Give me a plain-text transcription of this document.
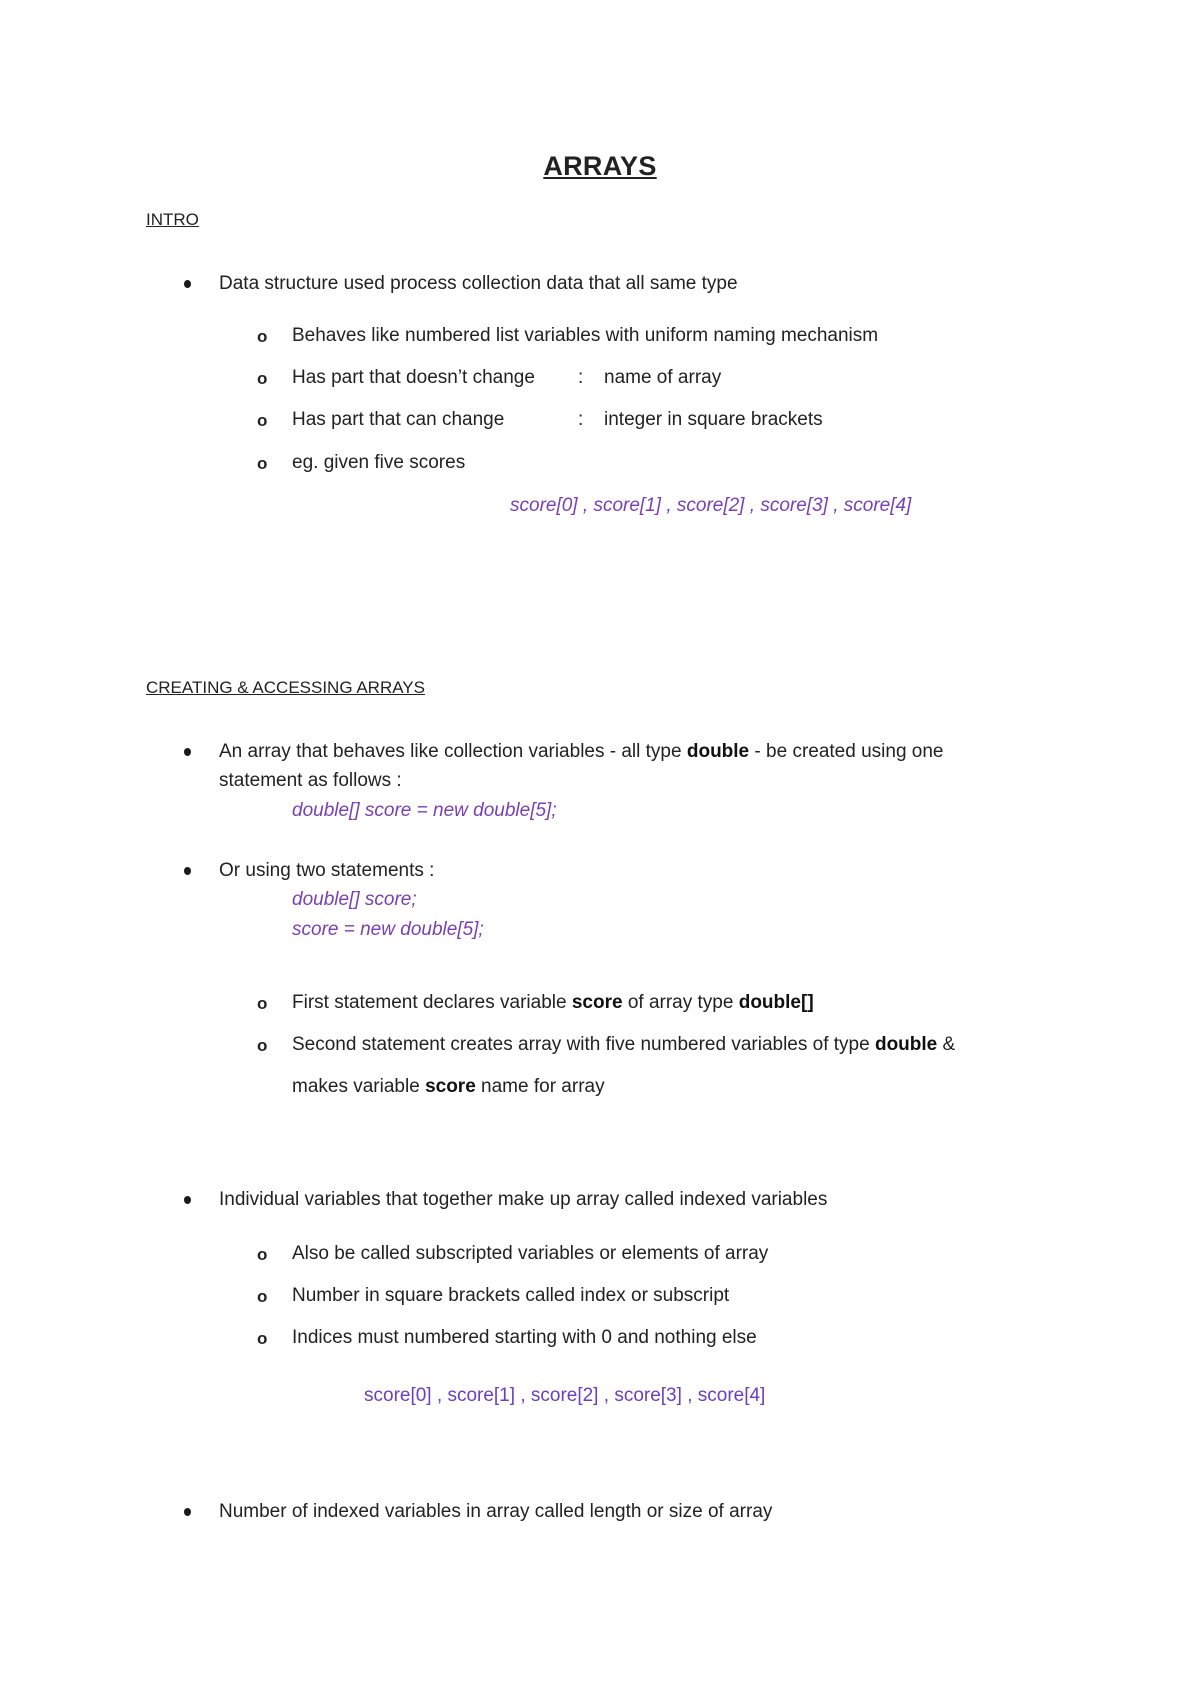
ARRAYS
INTRO
Data structure used process collection data that all same type
o Behaves like numbered list variables with uniform naming mechanism
o Has part that doesn’t change : name of array
o Has part that can change	: integer in square brackets
o eg. given five scores
score[0] , score[1] , score[2] , score[3] , score[4]
CREATING & ACCESSING ARRAYS
An array that behaves like collection variables - all type double - be created using one
statement as follows :
double[] score = new double[5];
Or using two statements :
double[] score;
score = new double[5];
o First statement declares variable score of array type double[]
o Second statement creates array with five numbered variables of type double &
makes variable score name for array
Individual variables that together make up array called indexed variables
o Also be called subscripted variables or elements of array
o Number in square brackets called index or subscript
o Indices must numbered starting with 0 and nothing else
score[0] , score[1] , score[2] , score[3] , score[4]
Number of indexed variables in array called length or size of array
